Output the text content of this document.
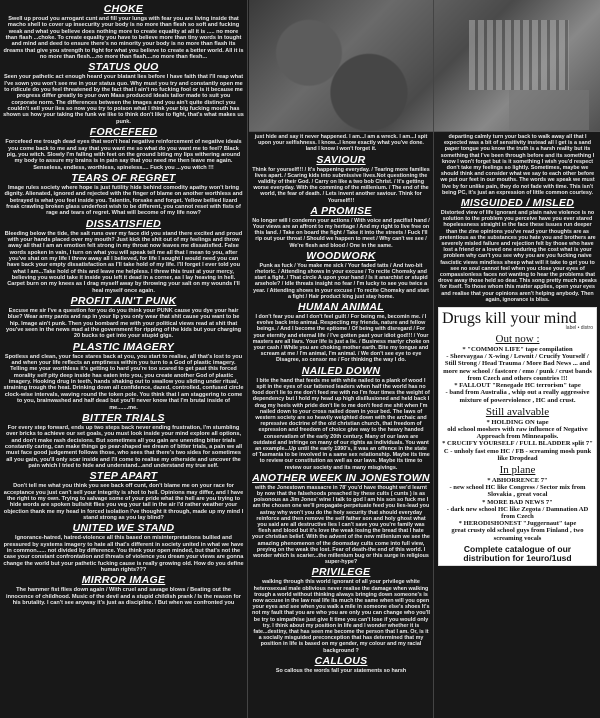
CHOKE

Swell up proud you arrogant cunt and fill your lungs with fear you are living inside that macho shell to cover up insecurity your body is no more than flesh so soft and fucking weak and what you believe does nothing more to create equality at all it is ..... no more than flash ...choke. To create equality you have to believe more than tiny words in tought and mind and deed to ensure there's no minority your body is no more than flash its dreams that give you strength to fight for what you believe to create a better world. All it is no more than flesh....no more than flash....no more than flesh...

STATUS QUO

Seen your pathetic act enough heard your blatant lies before I have faith that I'll reap what I've sown you won't see me in your status quo. Why must you try and constantly open me to ridicule do you feel threatened by the fact that I ain't no fucking fool or is it because me progress differ greatly to your own Mass produced ideals tailor made to suit you corporate norm. The differences between the images and you ain't quite distinct you couldn't sell your lies so now you try to poison what I think your big fucking mouth has shown us how your taking the funk we like to think don't like to fight, that's what makes us punk.

FORCEFEED

Forcefeed me trough dead eyes that won't heal negative reinforcement of negative ideals you come back to me and say that you want me so what do you want me to feel? Black pig, you witch. Slowly I'm falling with feet on the ground biting my lips withering around my body to assure my brains is in pain say that you need me then leave me again. Senseless, endless, worthless, spineless.... Fuck you ...you witch !!!

TEARS OF REGRET

Image rules society where hope is just futility hide behind comodity apathy won't bring dignity. Alienated, ignored and rejected with the finger of blame on another worthless and betrayed is what you feel inside you. Talentin, forsake and forget. Yellow bellied lizard freak crawling broken glass underfoot wish to be different, you cannot reset with fists of rage and tears of regret. What will become of my life now?

DISSATISFIED

Bleeding below the tide, the salt runs over my face did you stand there excited and proud with your hands placed over my mouth? Just kick the shit out of my feelings and throw away all that I am an emotion felt strong in my throat now leaves me dissatisfied. False words spoken in vain, I turn on what you will speak tell me all that I mean to you, after you've shat on my life I threw away all I believed, for life I sought I would need you can have back your empty dissatisfaction as I'll take hold of my life. I'll forget I ever told you what I am...Take hold of this and leave me helpless. I threw this trust at your mercy, believing you would take it inside you left it dead in a corner, as I lay heaving in hell. Carpet burn on my knees as I drag myself away by throwing your salt on my wounds I'll heal myself once again.

PROFIT AIN'T PUNK

Excuse me sir I've a question for you do you think your PUNK cause you dye your hair blue? Wear army pants and rap in your lip you only wear that shit cause you want to be hip. Image ain't punk. Then you bombard me with your political views read at shit that you've seen in the news mad at the government for ripping of the kids but your charging 20 bucks to get into your stupid gigs.

PLASTIC IMAGERY

Spotless and clean, your face stares back at you, you start to realise, all that's lost to you and when your life reflects an emptiness within you turn to a God of plastic imagery. Telling me your worthless it's getting to hard you're too scared to get past this forced morality self pity deep inside has eaten into you, you create another God of plastic imagery. Hooking drug in teeth, hands shaking out to swallow you sliding under ritual, straining trough the heat. Drinking down all confidence, dazed, controlled, confused circle clock-wise intervals, waving round the token pole. You think that I am staggering to come to you, brainwashed and half dead but you'll never know that I'm brutal inside of me.......me.

BITTER TRIALS

For every step forward, ends up two steps back never ending frustration, I'm stumbling over bricks to achieve our set goals, you must look inside your mind explore all options, and don't make rash decisions. But sometimes all you gain are unending bitter trials constantly caring, can make things go pear-shaped we dream of bitter trials, a pain we all must face good judgement follows those, who sees that there's two sides for sometimes all you gain, you'll only scar inside and I'll come to realise my otherside and uncover the pain which I tried to hide and understand...and understand my true self.

STEP APART

Don't tell me what you think you see back off cunt, don't blame me on your race for acceptance you just can't sell your integrity is shot to hell. Opinions may differ, and I have the right to my own. Trying to salvage some of your pride what the hell are you trying to hide words are spoken bullshit flies you veg your tail in the air I'd rather weather your objection thank me my head in forced isolation I've thought it through, made up my mind I stand strong as you lay blind?

UNITED WE STAND

Ignorance-hatred, hatred-violence all this based on misinterpretations bullied and pressured by systems imagery to hate all that's different in society united in what we have in common...... not divided by difference. You think your open minded, but that's not the case your constant confrontation and threats of violence you dream your views are gonna change the world but your pathetic fucking cause is really growing old. How do you define human rights???

MIRROR IMAGE

The hammer fist flies down again / With cruel and savage blows / Beating out the innocence of childhood. Music of the devil and a stupid childish prank / Is the reason for his brutality. I can't see anyway it's just as discipline. / But when we confronted you

just hide and say it never happened. I am...I am a wreck. I am...I spit upon your selfishness. I know...I know exactly what you've done. land I know I won't forget it.

SAVIOUR

Think for yourself!!! / It's happening everyday. / Tearing more families lives apart. / Scaring kids into submissive lives.Not questioning the validity of their God. / Carry on like a two bob Christ. / It's getting worse everyday. With the comming of the millenium. / The end of the world, the fear of death. / Lets invent another saviour. Think for Yourself!!!

A PROMISE

No longer will I condemn your actions / With voice and pacifist hand / Your views are an affront to my heritage / And my right to live free on this land. / Take on board the fight / Take it into the streets / Fuck I'll rip out your throat / Should we happen to meet / Why can't we see / We're flesh and blood / One in the same.

WOODWORK

Punk as fuck / You make me sick / Your faded tatts / And two-bit rhetoric. / Attending shows in your excuse / To recite Chomsky and start a fight. / That circle A upon your hand / Is it anarchist or stupid arsehole? / Idle threats insight no fear / I'm lucky to see you twice a year. / Attending shows in your excuse / To recite Chomsky and start a fight / Hair product king just stay home.

HUMAN ANIMAL

I don't fear you and I don't feel guilt / For being me, becomin me. / I evolve back into animal. Respecting my friends, nature and fellow beings. / And I become the epitome / Of being with disregard / For your eternity and eternal life / I've gotten past your idiot god!!! / Your masters are all liars. Your life is just a lie. / Business martyr choke on your cash / While you are choking mother earth. Bite my tongue and scream at me / I'm animal, I'm animal. / We don't see eye to eye Disagree, so censor me / For thinking the way I do.

NAILED DOWN

I bite the hand that feeds me with while nailed to a plank of wood I spit in the eyes of our fattened leaders when half the world has no food don't lie to me don't feed me with no I'm four times the weight of dependency but I hold my head up high disillusioned and held back I drag my heels with pride don't lie to me don't feed me shit when I'm nailed down to your cross nailed down in your bed. The laws of western society are so heavily weighted down with the archaic and repressive doctrine of the old christian church, that freedom of expression and freedom of choice give way to the heavy handed conservatism of the early 20th century. Many of our laws are outdated and infringe on many of our rights as individuals. You want an example...Up until the early 1990's, it was an offence in the state of Tasmania to be involved in a same sex relationship. Maybe its time to review our constitution as well as our laws. Maybe its time to review our society and its many misgivings.

ANOTHER WEEK IN JONESTOWN

with the Jonestown massacre in 78' you'd have thought we'd learnt by now that the falsehoods preached by these cults ( cunts ) is as poisonous as Jim Jones' wine I talk to god I am his son so fuck me I am the chosen one we'll propagate-perpetuate feed you lies-lead you astray why won't you do the holy security that should everyday reinforce and then remove the self father son and holy ghost what you said are all destructive lies I can't save you you're family was flesh and blood but it's love the weak losing the bread that I hate your christian belief. With the advent of the new millenium we see the amazing phenomenon of the doomsday cults come into full view, preying on the weak the lost. Fear of death-the end of this world. I wonder which is scarier...the millenium bug or this surge in religious super-hype?

PRIVILEGE

walking through this world ignorant of all your privilege white heterosexual male oblivious never realise the damage when walking trough a world without thinking always bringing down someone's is now accuse in the law real life its much the same when will you open your eyes and see when you walk a mile in someone else's shoes It's not my fault that you are who you are only you can change who you'll be try to simpathise just give It time you can't lose if you would only try. I think about my position in life and I wonder whether it is fate...destiny, that has seen me become the person that I am. Or, is it a socially misguided preconception that has determined that my position in life is based on my gender, my colour and my racial background ?

CALLOUS

So callous the words fall your statements so harsh

departing calmly turn your back to walk away all that I expected was a bit of sensitivity instead all I get is a sand paper tongue you know the truth is a harsh reality but its something that I've been through before and its something I know I won't forget but is it something I wish you'd respect don't take my feelings so lightly. Sometimes, maybe we should think and consider what we say to each other before we put our feet in our mouths. The words we speak we must live by for unlike pain, they do not fade with time. This isn't being PC, it's just an expression of little common courtesy.

MISGUIDED / MISLED

Distorted view of life ignorant and plain naive violence is no solution to the problem you perceive have you ever stared hopelessness straight in the face these issues run deeper than the zine opinions you've read your thoughts are as pretentious as the substances you hate you and brothers are severely misled failure and rejection felt by those who have lost a friend or a loved one enduring the cost what is your problem why can't you see why you are you fucking naive fascistic views mindless sheep what will it take to get you to see no soul cannot feel when you close your eyes of compassionless faces not wanting to hear the problems that drove away those held so dear. This song pretty much speaks for itself. To those whom this matter applies, open your eyes and realise that your opinions aren't helping anybody. Then again, ignorance is bliss.

Drugs kill your mind
label • distro
Out now :
* "COMMON LIFE" tape compilation
- Sheevaygaa / X-wing / Lewnit / Crucify Yourself / Still Strong / Head Trauma / More Bad News ... and more new school / fastcore / emo / punk / crust bands from Czech and others countries !!!
* FALLOUT "Renegade HC terrorism" tape
- band from Australia , whip out a really aggressive mixture of powerviolence , HC and crust.
Still avalvable
* HOLDING ON tape
old school moshers with raw influence of Negative Approach from Minneapolis.
* CRUCIFY YOURSELF / FULL BLADDER split 7"
C - unholy fast emo HC / FB - screaming mosh punk like Dropdead
In plane
* ABHORRENCE 7"
- new school HC like Congress / Sector mix from Slovakia , great vocal
* MORE BAD NEWS 7"
- dark new school HC like Zegota / Damnation AD from Czech
* HERODISHONEST "Juggernaut" tape
great crusty old school guys from Finland , two screaming vocals
Complete catalogue of our distribution for 1euro/1usd
